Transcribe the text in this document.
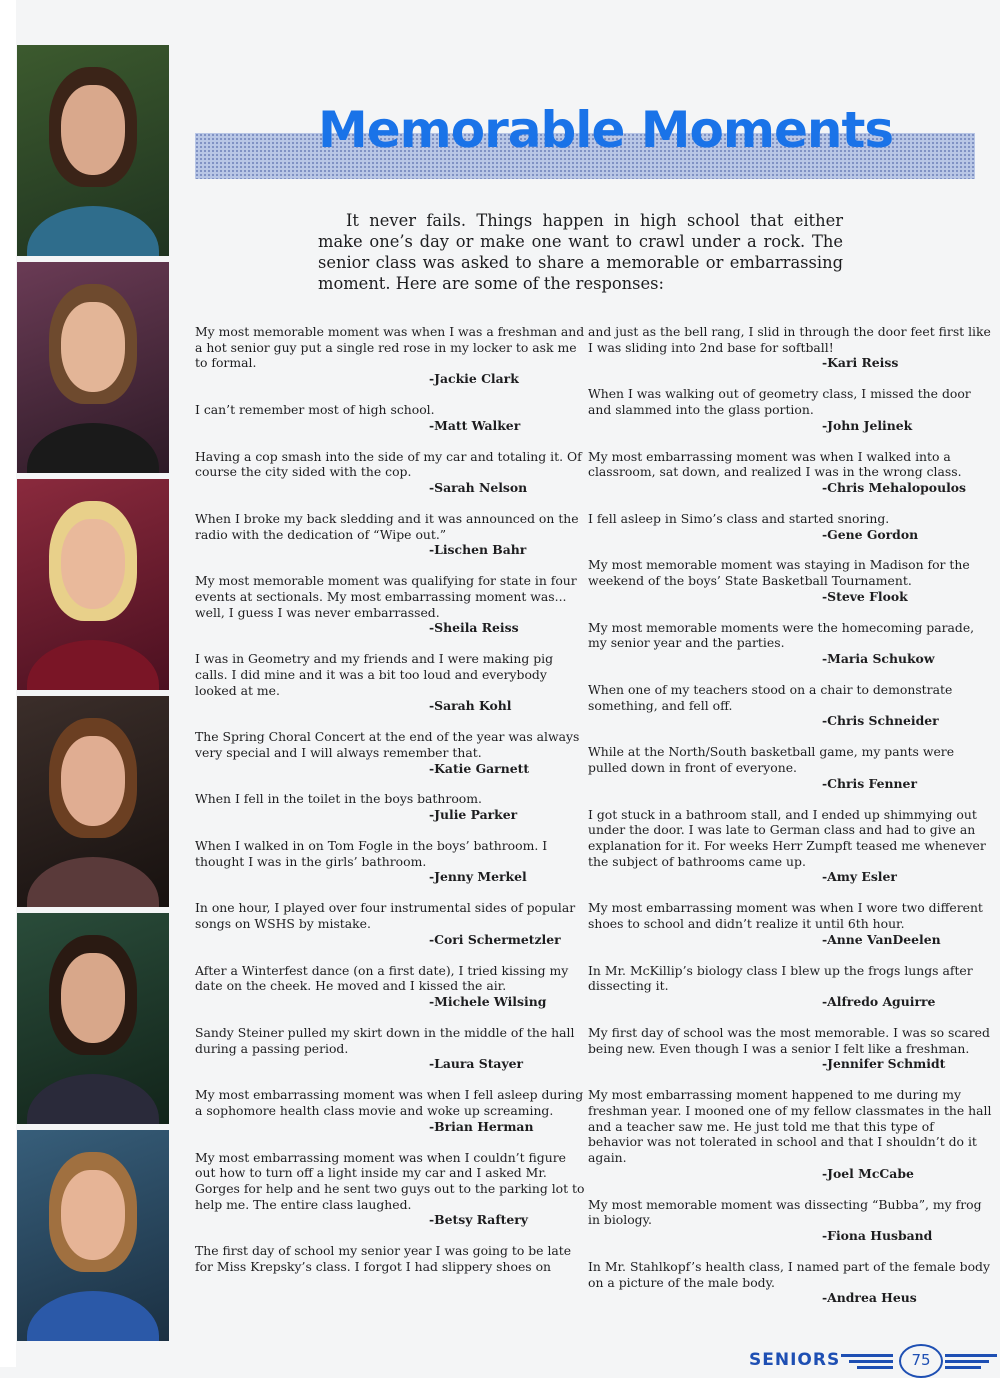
Memorable Moments

It never fails. Things happen in high school that either make one’s day or make one want to crawl under a rock. The senior class was asked to share a memorable or embarrassing moment. Here are some of the responses:

My most memorable moment was when I was a freshman and a hot senior guy put a single red rose in my locker to ask me to formal.
-Jackie Clark

I can’t remember most of high school.
-Matt Walker

Having a cop smash into the side of my car and totaling it. Of course the city sided with the cop.
-Sarah Nelson

When I broke my back sledding and it was announced on the radio with the dedication of “Wipe out.”
-Lischen Bahr

My most memorable moment was qualifying for state in four events at sectionals. My most embarrassing moment was... well, I guess I was never embarrassed.
-Sheila Reiss

I was in Geometry and my friends and I were making pig calls. I did mine and it was a bit too loud and everybody looked at me.
-Sarah Kohl

The Spring Choral Concert at the end of the year was always very special and I will always remember that.
-Katie Garnett

When I fell in the toilet in the boys bathroom.
-Julie Parker

When I walked in on Tom Fogle in the boys’ bathroom. I thought I was in the girls’ bathroom.
-Jenny Merkel

In one hour, I played over four instrumental sides of popular songs on WSHS by mistake.
-Cori Schermetzler

After a Winterfest dance (on a first date), I tried kissing my date on the cheek. He moved and I kissed the air.
-Michele Wilsing

Sandy Steiner pulled my skirt down in the middle of the hall during a passing period.
-Laura Stayer

My most embarrassing moment was when I fell asleep during a sophomore health class movie and woke up screaming.
-Brian Herman

My most embarrassing moment was when I couldn’t figure out how to turn off a light inside my car and I asked Mr. Gorges for help and he sent two guys out to the parking lot to help me. The entire class laughed.
-Betsy Raftery

The first day of school my senior year I was going to be late for Miss Krepsky’s class. I forgot I had slippery shoes on

and just as the bell rang, I slid in through the door feet first like I was sliding into 2nd base for softball!
-Kari Reiss

When I was walking out of geometry class, I missed the door and slammed into the glass portion.
-John Jelinek

My most embarrassing moment was when I walked into a classroom, sat down, and realized I was in the wrong class.
-Chris Mehalopoulos

I fell asleep in Simo’s class and started snoring.
-Gene Gordon

My most memorable moment was staying in Madison for the weekend of the boys’ State Basketball Tournament.
-Steve Flook

My most memorable moments were the homecoming parade, my senior year and the parties.
-Maria Schukow

When one of my teachers stood on a chair to demonstrate something, and fell off.
-Chris Schneider

While at the North/South basketball game, my pants were pulled down in front of everyone.
-Chris Fenner

I got stuck in a bathroom stall, and I ended up shimmying out under the door. I was late to German class and had to give an explanation for it. For weeks Herr Zumpft teased me whenever the subject of bathrooms came up.
-Amy Esler

My most embarrassing moment was when I wore two different shoes to school and didn’t realize it until 6th hour.
-Anne VanDeelen

In Mr. McKillip’s biology class I blew up the frogs lungs after dissecting it.
-Alfredo Aguirre

My first day of school was the most memorable. I was so scared being new. Even though I was a senior I felt like a freshman.
-Jennifer Schmidt

My most embarrassing moment happened to me during my freshman year. I mooned one of my fellow classmates in the hall and a teacher saw me. He just told me that this type of behavior was not tolerated in school and that I shouldn’t do it again.
-Joel McCabe

My most memorable moment was dissecting “Bubba”, my frog in biology.
-Fiona Husband

In Mr. Stahlkopf’s health class, I named part of the female body on a picture of the male body.
-Andrea Heus

SENIORS	75
